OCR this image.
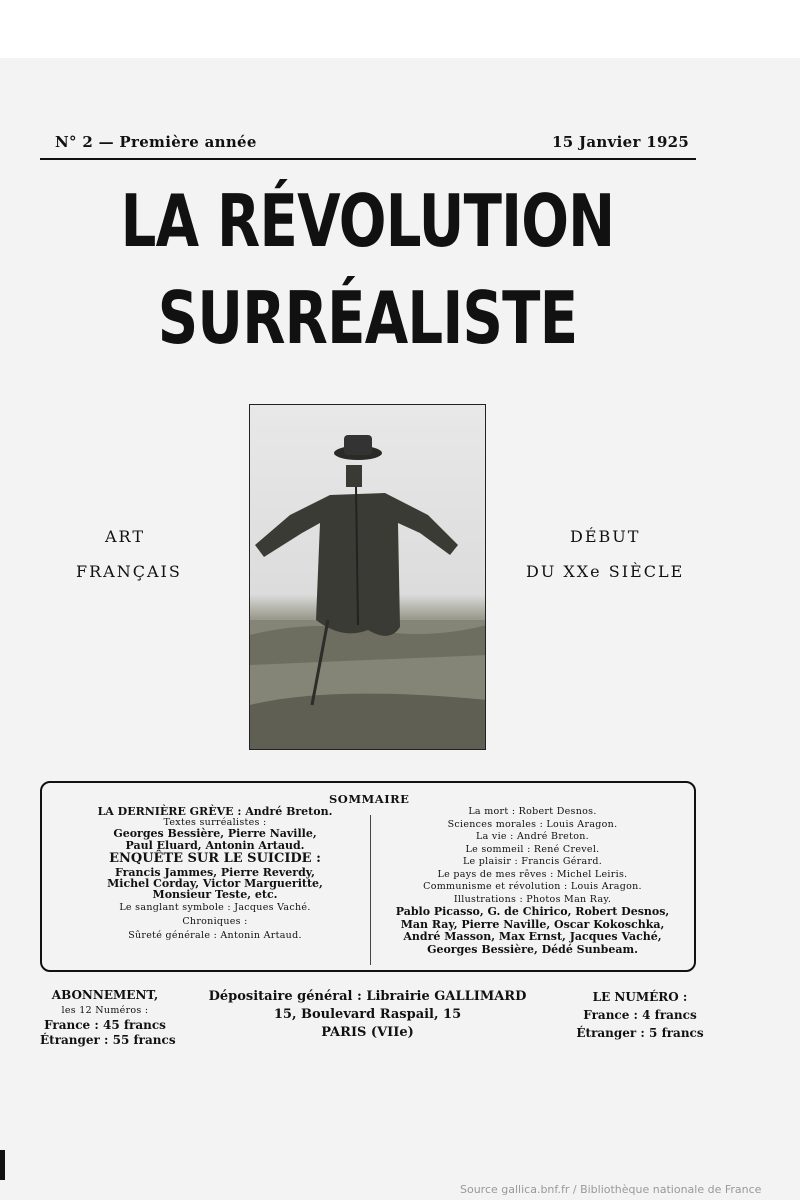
N° 2 — Première année	15 Janvier 1925
LA RÉVOLUTION
SURRÉALISTE
ART
FRANÇAIS
DÉBUT
DU XXe SIÈCLE
SOMMAIRE
LA DERNIÈRE GRÈVE : André Breton.
Textes surréalistes :
Georges Bessière, Pierre Naville,
Paul Eluard, Antonin Artaud.
ENQUÊTE SUR LE SUICIDE :
Francis Jammes, Pierre Reverdy,
Michel Corday, Victor Margueritte,
Monsieur Teste, etc.
Le sanglant symbole : Jacques Vaché.
Chroniques :
Sûreté générale : Antonin Artaud.
La mort : Robert Desnos.
Sciences morales : Louis Aragon.
La vie : André Breton.
Le sommeil : René Crevel.
Le plaisir : Francis Gérard.
Le pays de mes rêves : Michel Leiris.
Communisme et révolution : Louis Aragon.
Illustrations : Photos Man Ray.
Pablo Picasso, G. de Chirico, Robert Desnos,
Man Ray, Pierre Naville, Oscar Kokoschka,
André Masson, Max Ernst, Jacques Vaché,
Georges Bessière, Dédé Sunbeam.
ABONNEMENT,
les 12 Numéros :
France : 45 francs
Étranger : 55 francs
Dépositaire général : Librairie GALLIMARD
15, Boulevard Raspail, 15
PARIS (VIIe)
LE NUMÉRO :
France : 4 francs
Étranger : 5 francs
Source gallica.bnf.fr / Bibliothèque nationale de France
